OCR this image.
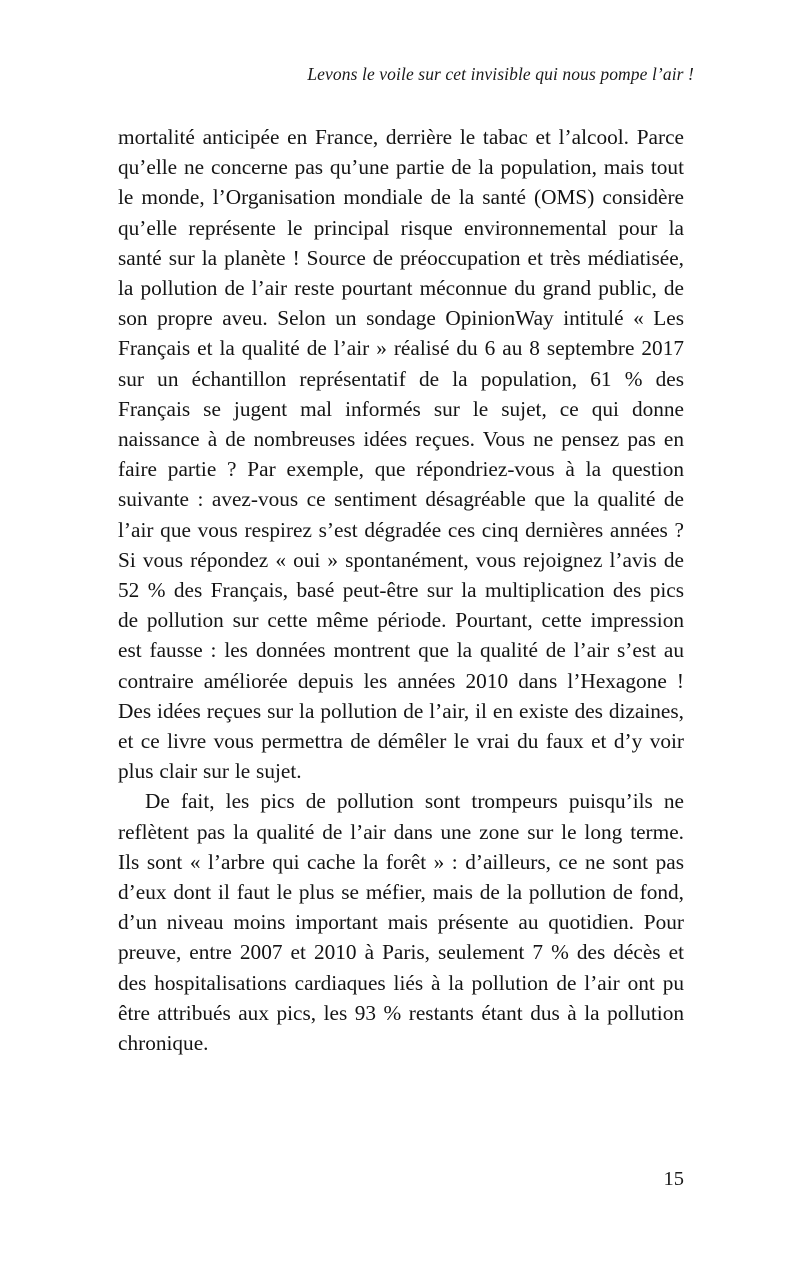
Levons le voile sur cet invisible qui nous pompe l’air !

mortalité anticipée en France, derrière le tabac et l’alcool. Parce qu’elle ne concerne pas qu’une partie de la population, mais tout le monde, l’Organisation mondiale de la santé (OMS) considère qu’elle représente le principal risque environnemental pour la santé sur la planète ! Source de préoccupation et très médiatisée, la pollution de l’air reste pourtant méconnue du grand public, de son propre aveu. Selon un sondage OpinionWay intitulé « Les Français et la qualité de l’air » réalisé du 6 au 8 septembre 2017 sur un échantillon représentatif de la population, 61 % des Français se jugent mal informés sur le sujet, ce qui donne naissance à de nombreuses idées reçues. Vous ne pensez pas en faire partie ? Par exemple, que répondriez-vous à la question suivante : avez-vous ce sentiment désagréable que la qualité de l’air que vous respirez s’est dégradée ces cinq dernières années ? Si vous répondez « oui » spontanément, vous rejoignez l’avis de 52 % des Français, basé peut-être sur la multiplication des pics de pollution sur cette même période. Pourtant, cette impression est fausse : les données montrent que la qualité de l’air s’est au contraire améliorée depuis les années 2010 dans l’Hexagone ! Des idées reçues sur la pollution de l’air, il en existe des dizaines, et ce livre vous permettra de démêler le vrai du faux et d’y voir plus clair sur le sujet.

De fait, les pics de pollution sont trompeurs puisqu’ils ne reflètent pas la qualité de l’air dans une zone sur le long terme. Ils sont « l’arbre qui cache la forêt » : d’ailleurs, ce ne sont pas d’eux dont il faut le plus se méfier, mais de la pollution de fond, d’un niveau moins important mais présente au quotidien. Pour preuve, entre 2007 et 2010 à Paris, seulement 7 % des décès et des hospitalisations cardiaques liés à la pollution de l’air ont pu être attribués aux pics, les 93 % restants étant dus à la pollution chronique.

15
